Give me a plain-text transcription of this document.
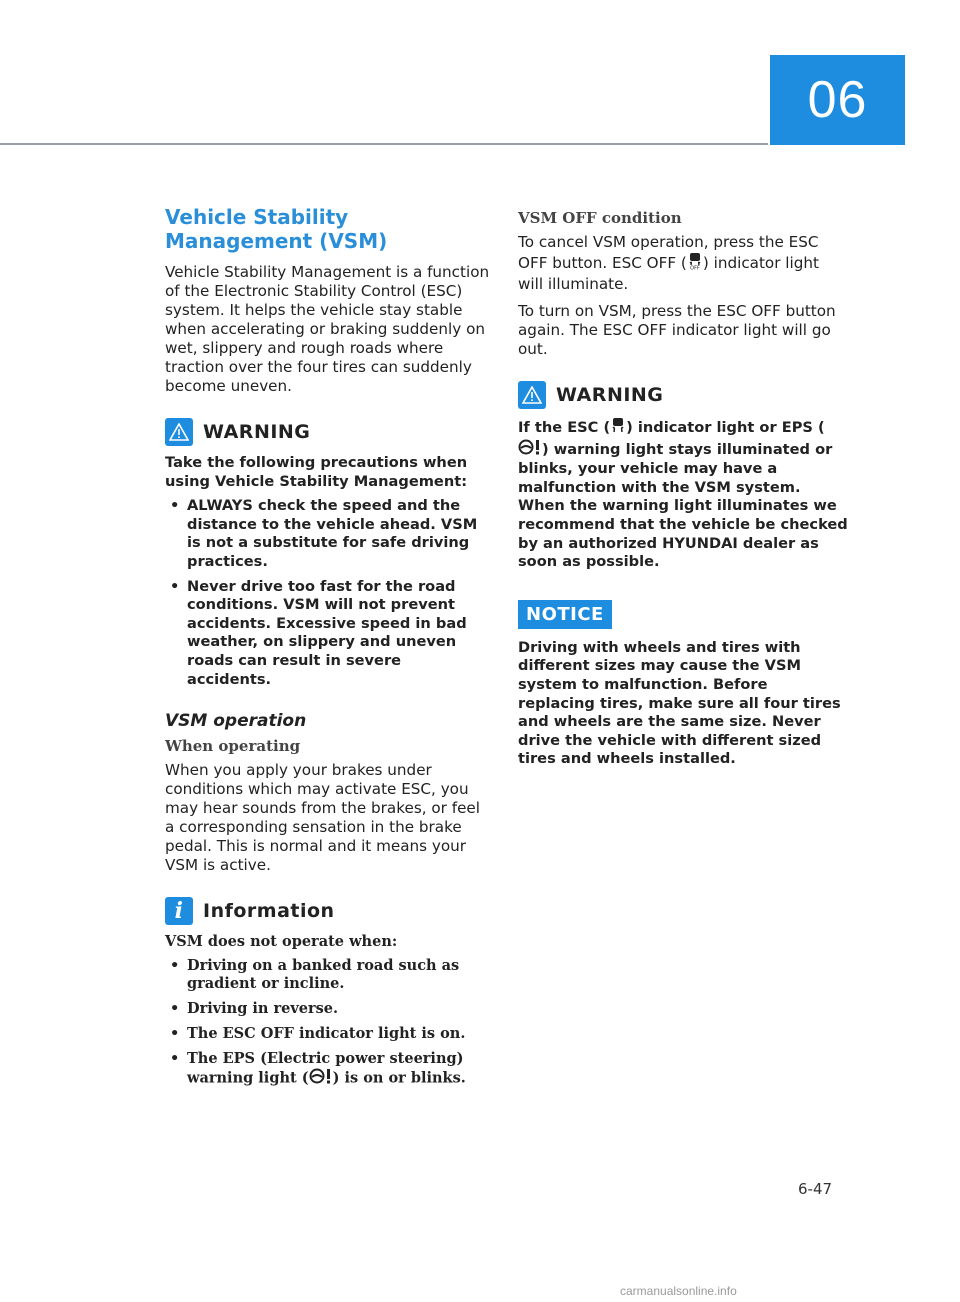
06
Vehicle Stability Management (VSM)

Vehicle Stability Management is a function of the Electronic Stability Control (ESC) system. It helps the vehicle stay stable when accelerating or braking suddenly on wet, slippery and rough roads where traction over the four tires can suddenly become uneven.

WARNING

Take the following precautions when using Vehicle Stability Management:

• ALWAYS check the speed and the distance to the vehicle ahead. VSM is not a substitute for safe driving practices.
• Never drive too fast for the road conditions. VSM will not prevent accidents. Excessive speed in bad weather, on slippery and uneven roads can result in severe accidents.
VSM operation
When operating

When you apply your brakes under conditions which may activate ESC, you may hear sounds from the brakes, or feel a corresponding sensation in the brake pedal. This is normal and it means your VSM is active.

i	Information

VSM does not operate when:

• Driving on a banked road such as gradient or incline.
• Driving in reverse.
• The ESC OFF indicator light is on.
• The EPS (Electric power steering) warning light ( ) is on or blinks.
VSM OFF condition

To cancel VSM operation, press the ESC OFF button. ESC OFF ( OFF ) indicator light will illuminate.

To turn on VSM, press the ESC OFF button again. The ESC OFF indicator light will go out.

WARNING

If the ESC ( ) indicator light or EPS () warning light stays illuminated or blinks, your vehicle may have a malfunction with the VSM system. When the warning light illuminates we recommend that the vehicle be checked by an authorized HYUNDAI dealer as soon as possible.

NOTICE

Driving with wheels and tires with different sizes may cause the VSM system to malfunction. Before replacing tires, make sure all four tires and wheels are the same size. Never drive the vehicle with different sized tires and wheels installed.

6-47
carmanualsonline.info
